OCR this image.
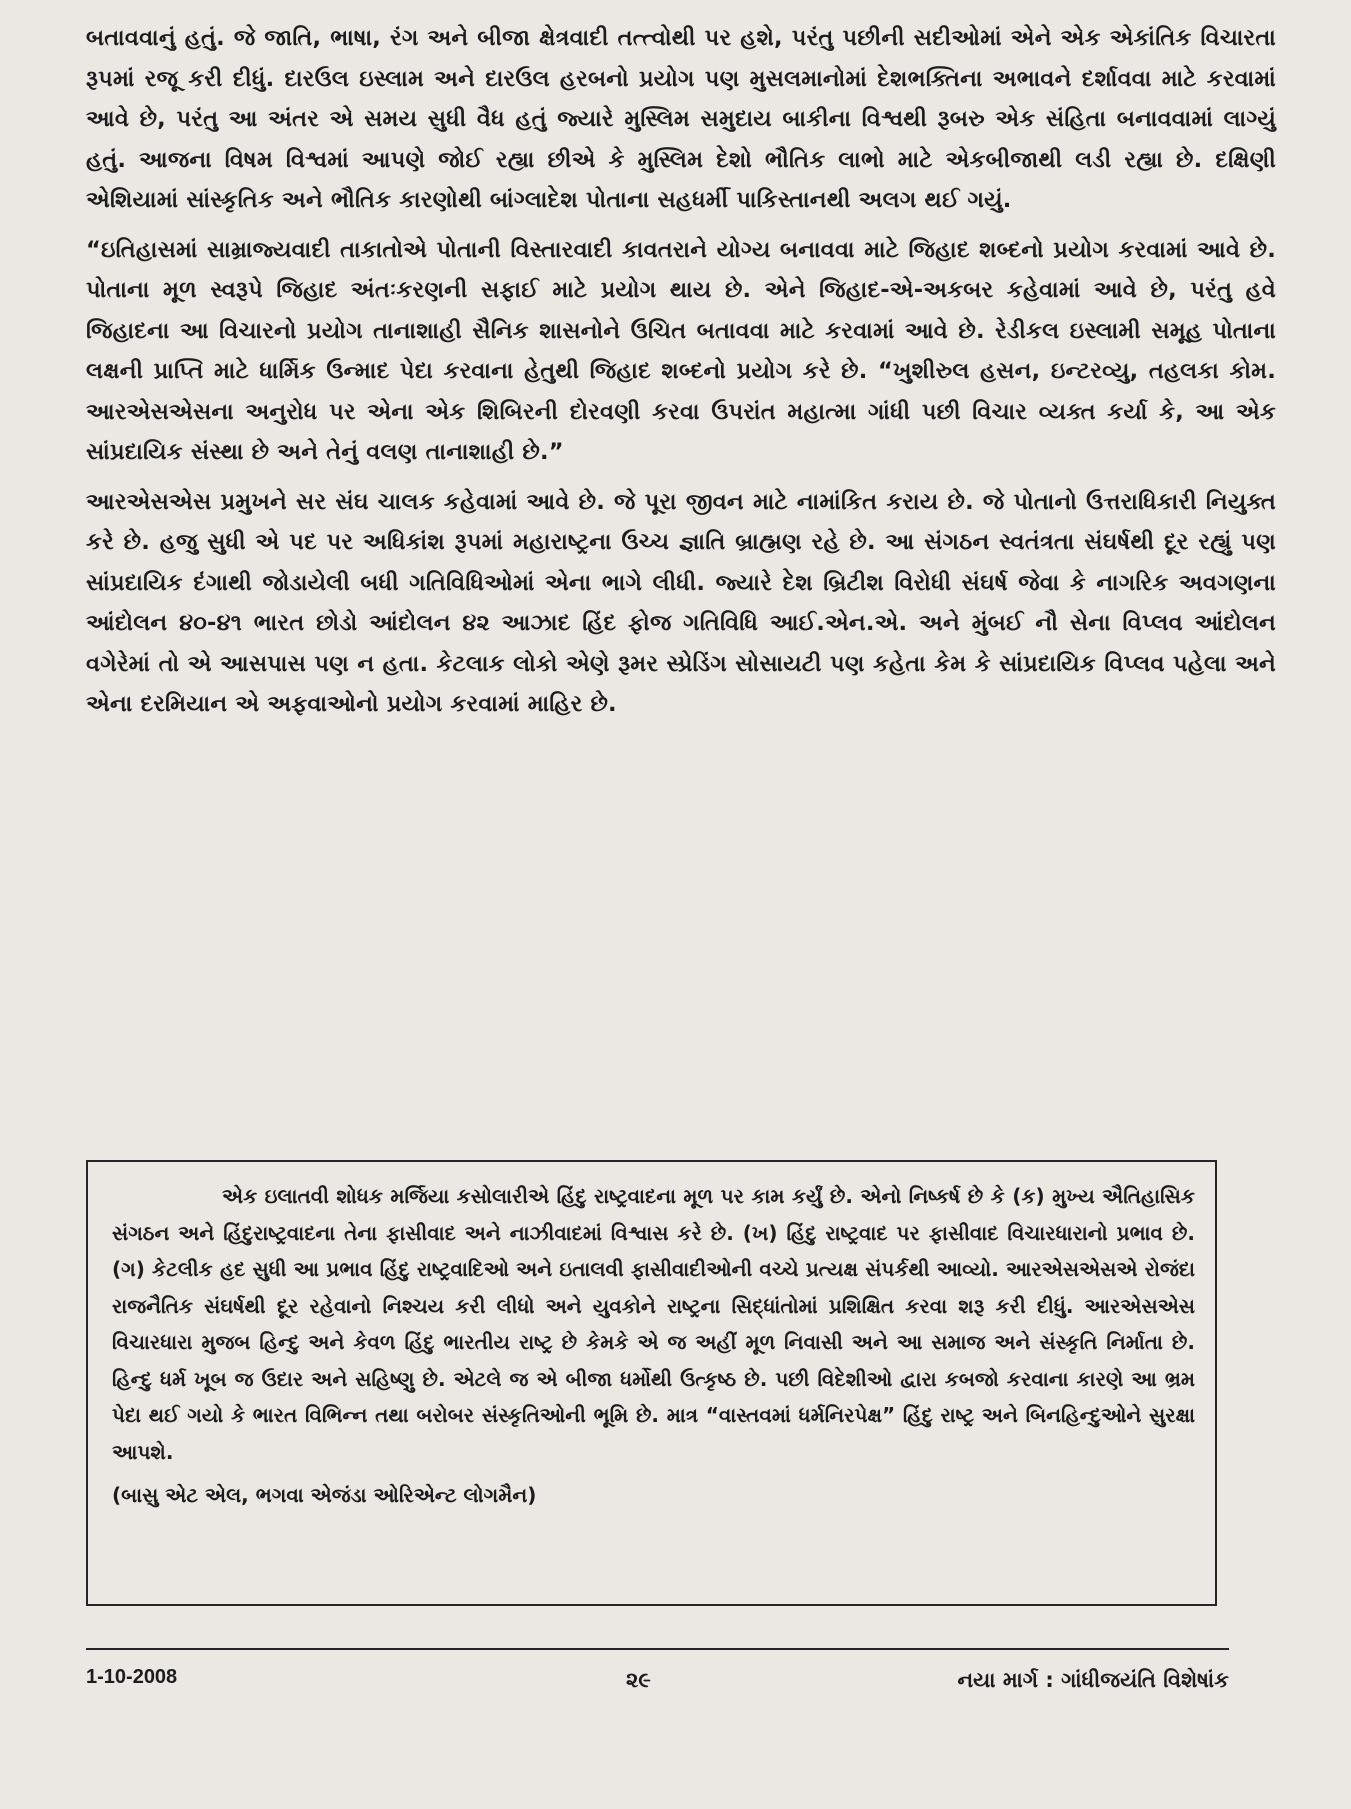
બતાવવાનું હતું. જે જાતિ, ભાષા, રંગ અને બીજા ક્ષેત્રવાદી તત્ત્વોથી પર હશે, પરંતુ પછીની સદીઓમાં એને એક એકાંતિક વિચારતા રૂપમાં રજૂ કરી દીધું. દારઉલ ઇસ્લામ અને દારઉલ હરબનો પ્રયોગ પણ મુસલમાનોમાં દેશભક્તિના અભાવને દર્શાવવા માટે કરવામાં આવે છે, પરંતુ આ અંતર એ સમય સુધી વૈધ હતું જ્યારે મુસ્લિમ સમુદાય બાકીના વિશ્વથી રૂબરુ એક સંહિતા બનાવવામાં લાગ્યું હતું. આજના વિષમ વિશ્વમાં આપણે જોઈ રહ્યા છીએ કે મુસ્લિમ દેશો ભૌતિક લાભો માટે એકબીજાથી લડી રહ્યા છે. દક્ષિણી એશિયામાં સાંસ્કૃતિક અને ભૌતિક કારણોથી બાંગ્લાદેશ પોતાના સહધર્મી પાકિસ્તાનથી અલગ થઈ ગયું.

“ઇતિહાસમાં સામ્રાજ્યવાદી તાકાતોએ પોતાની વિસ્તારવાદી કાવતરાને યોગ્ય બનાવવા માટે જિહાદ શબ્દનો પ્રયોગ કરવામાં આવે છે. પોતાના મૂળ સ્વરૂપે જિહાદ અંતઃકરણની સફાઈ માટે પ્રયોગ થાય છે. એને જિહાદ-એ-અકબર કહેવામાં આવે છે, પરંતુ હવે જિહાદના આ વિચારનો પ્રયોગ તાનાશાહી સૈનિક શાસનોને ઉચિત બતાવવા માટે કરવામાં આવે છે. રેડીકલ ઇસ્લામી સમૂહ પોતાના લક્ષની પ્રાપ્તિ માટે ધાર્મિક ઉન્માદ પેદા કરવાના હેતુથી જિહાદ શબ્દનો પ્રયોગ કરે છે. “ખુશીરુલ હસન, ઇન્ટરવ્યુ, તહલકા કોમ. આરએસએસના અનુરોધ પર એના એક શિબિરની દોરવણી કરવા ઉપરાંત મહાત્મા ગાંધી પછી વિચાર વ્યક્ત કર્યા કે, આ એક સાંપ્રદાયિક સંસ્થા છે અને તેનું વલણ તાનાશાહી છે.”

આરએસએસ પ્રમુખને સર સંઘ ચાલક કહેવામાં આવે છે. જે પૂરા જીવન માટે નામાંકિત કરાય છે. જે પોતાનો ઉત્તરાધિકારી નિયુક્ત કરે છે. હજુ સુધી એ પદ પર અધિકાંશ રૂપમાં મહારાષ્ટ્રના ઉચ્ચ જ્ઞાતિ બ્રાહ્મણ રહે છે. આ સંગઠન સ્વતંત્રતા સંઘર્ષથી દૂર રહ્યું પણ સાંપ્રદાયિક દંગાથી જોડાયેલી બધી ગતિવિધિઓમાં એના ભાગે લીધી. જ્યારે દેશ બ્રિટીશ વિરોધી સંઘર્ષ જેવા કે નાગરિક અવગણના આંદોલન ૪૦-૪૧ ભારત છોડો આંદોલન ૪૨ આઝાદ હિંદ ફોજ ગતિવિધિ આઈ.એન.એ. અને મુંબઈ નૌ સેના વિપ્લવ આંદોલન વગેરેમાં તો એ આસપાસ પણ ન હતા. કેટલાક લોકો એણે રૂમર સ્પ્રેડિંગ સોસાયટી પણ કહેતા કેમ કે સાંપ્રદાયિક વિપ્લવ પહેલા અને એના દરમિયાન એ અફવાઓનો પ્રયોગ કરવામાં માહિર છે.

એક ઇલાતવી શોધક મર્જિયા કસોલારીએ હિંદુ રાષ્ટ્રવાદના મૂળ પર કામ કર્યું છે. એનો નિષ્કર્ષ છે કે (ક) મુખ્ય ઐતિહાસિક સંગઠન અને હિંદુરાષ્ટ્રવાદના તેના ફાસીવાદ અને નાઝીવાદમાં વિશ્વાસ કરે છે. (ખ) હિંદુ રાષ્ટ્રવાદ પર ફાસીવાદ વિચારધારાનો પ્રભાવ છે. (ગ) કેટલીક હદ સુધી આ પ્રભાવ હિંદુ રાષ્ટ્રવાદિઓ અને ઇતાલવી ફાસીવાદીઓની વચ્ચે પ્રત્યક્ષ સંપર્કથી આવ્યો. આરએસએસએ રોજંદા રાજનૈતિક સંઘર્ષથી દૂર રહેવાનો નિશ્ચય કરી લીધો અને યુવકોને રાષ્ટ્રના સિદ્ધાંતોમાં પ્રશિક્ષિત કરવા શરૂ કરી દીધું. આરએસએસ વિચારધારા મુજબ હિન્દુ અને કેવળ હિંદુ ભારતીય રાષ્ટ્ર છે કેમકે એ જ અહીં મૂળ નિવાસી અને આ સમાજ અને સંસ્કૃતિ નિર્માતા છે. હિન્દુ ધર્મ ખૂબ જ ઉદાર અને સહિષ્ણુ છે. એટલે જ એ બીજા ધર્મોથી ઉત્કૃષ્ઠ છે. પછી વિદેશીઓ દ્વારા કબજો કરવાના કારણે આ ભ્રમ પેદા થઈ ગયો કે ભારત વિભિન્ન તથા બરોબર સંસ્કૃતિઓની ભૂમિ છે. માત્ર “વાસ્તવમાં ધર્મનિરપેક્ષ” હિંદુ રાષ્ટ્ર અને બિનહિન્દુઓને સુરક્ષા આપશે.

(બાસુ એટ એલ, ભગવા એજંડા ઓરિએન્ટ લોગમૈન)

1-10-2008	૨૯	નયા માર્ગ : ગાંધીજયંતિ વિશેષાંક
